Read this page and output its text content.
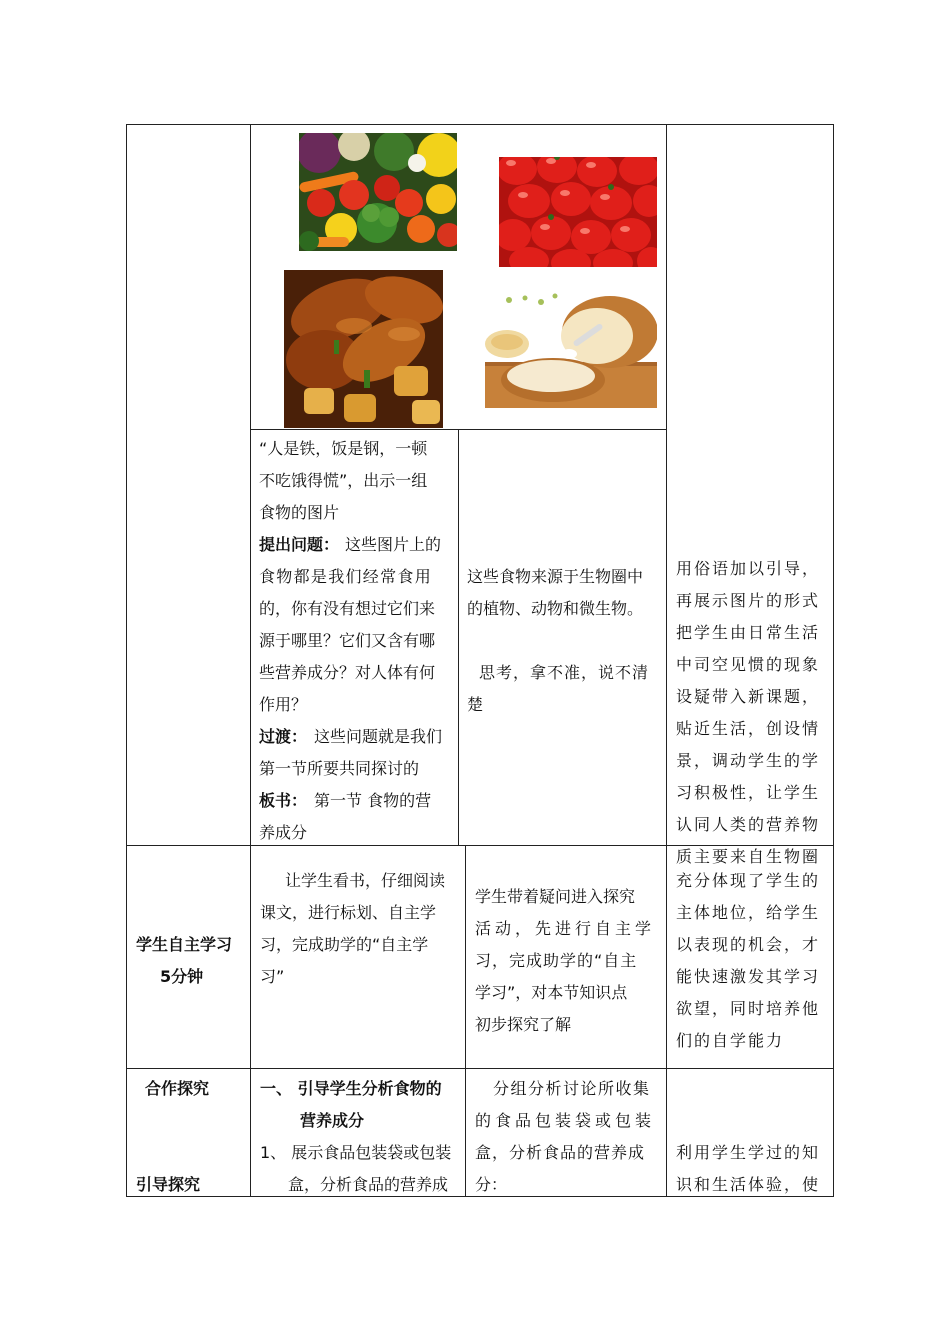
“人是铁，饭是钢，一顿
不吃饿得慌”，出示一组
食物的图片
提出问题： 这些图片上的
食物都是我们经常食用
的，你有没有想过它们来
源于哪里？它们又含有哪
些营养成分？对人体有何
作用？
过渡： 这些问题就是我们
第一节所要共同探讨的
板书： 第一节 食物的营
养成分
这些食物来源于生物圈中
的植物、动物和微生物。
思考，拿不准，说不清
楚
用俗语加以引导，
再展示图片的形式
把学生由日常生活
中司空见惯的现象
设疑带入新课题，
贴近生活，创设情
景，调动学生的学
习积极性，让学生
认同人类的营养物
学生自主学习
5分钟
让学生看书，仔细阅读
课文，进行标划、自主学
习，完成助学的“自主学
习”
学生带着疑问进入探究
活动，先进行自主学
习，完成助学的“自主
学习”，对本节知识点
初步探究了解
质主要来自生物圈
充分体现了学生的
主体地位，给学生
以表现的机会，才
能快速激发其学习
欲望，同时培养他
们的自学能力
合作探究
引导探究
一、 引导学生分析食物的
营养成分
1、 展示食品包装袋或包装
盒，分析食品的营养成
分组分析讨论所收集
的食品包装袋或包装
盒，分析食品的营养成
分：
利用学生学过的知
识和生活体验，使
